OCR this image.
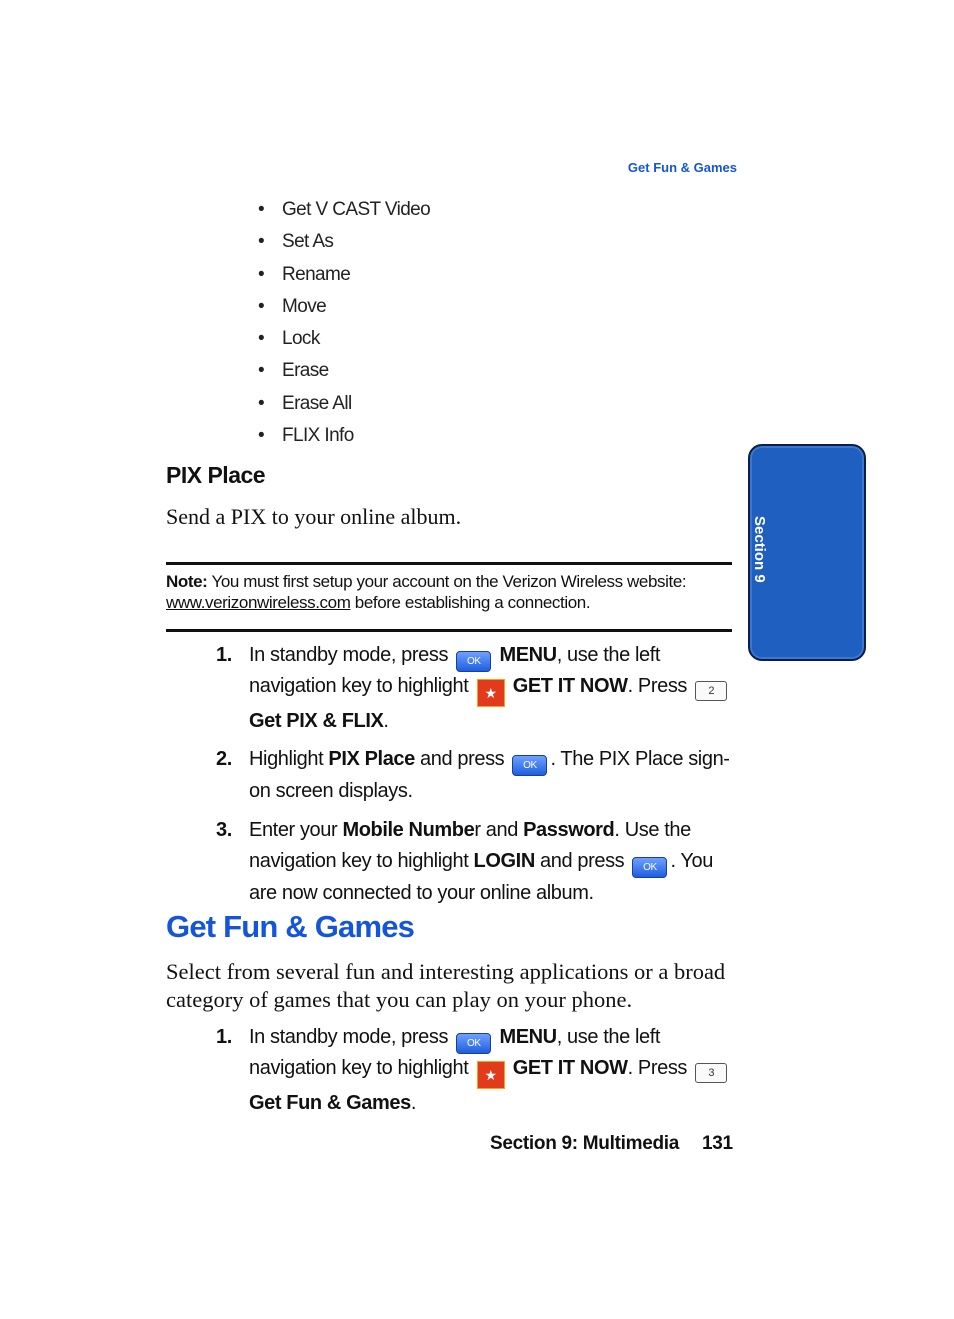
Get Fun & Games
• Get V CAST Video
• Set As
• Rename
• Move
• Lock
• Erase
• Erase All
• FLIX Info
PIX Place
Send a PIX to your online album.
Note: You must first setup your account on the Verizon Wireless website:
www.verizonwireless.com before establishing a connection.
1. In standby mode, press OK MENU, use the left
navigation key to highlight ★ GET IT NOW. Press 2
Get PIX & FLIX.
2. Highlight PIX Place and press OK . The PIX Place sign-on screen displays.
3. Enter your Mobile Number and Password. Use the navigation key to highlight LOGIN and press OK . You are now connected to your online album.
Get Fun & Games
Select from several fun and interesting applications or a broad category of games that you can play on your phone.
1. In standby mode, press OK MENU, use the left
navigation key to highlight ★ GET IT NOW. Press 3
Get Fun & Games.
Section 9: Multimedia 131
Section 9
